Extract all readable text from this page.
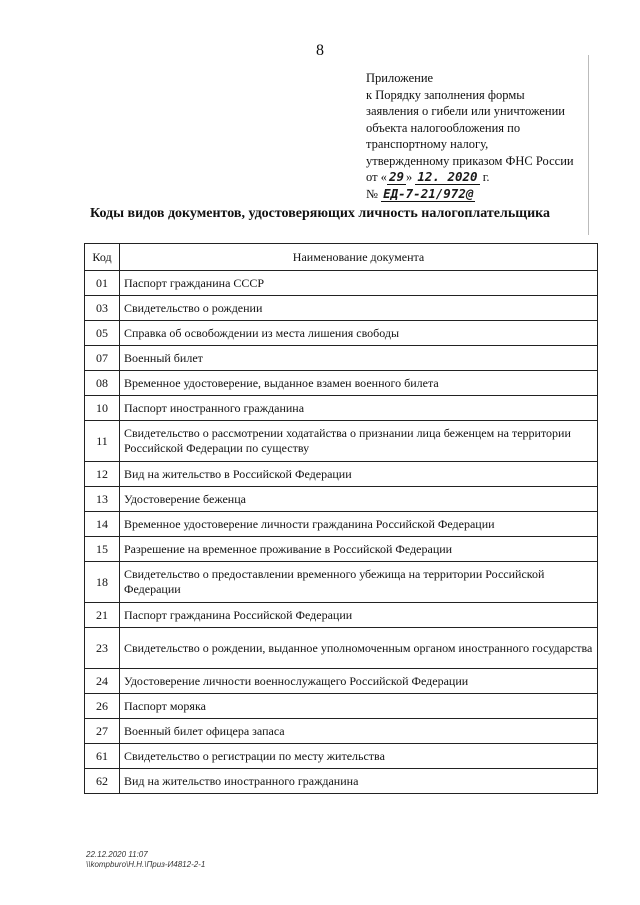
8
Приложение
к Порядку заполнения формы
заявления о гибели или уничтожении
объекта налогообложения по
транспортному налогу,
утвержденному приказом ФНС России
от « 29 » 12. 2020 г.
№ ЕД-7-21/972@
Коды видов документов, удостоверяющих личность налогоплательщика
Код	Наименование документа
01	Паспорт гражданина СССР
03	Свидетельство о рождении
05	Справка об освобождении из места лишения свободы
07	Военный билет
08	Временное удостоверение, выданное взамен военного билета
10	Паспорт иностранного гражданина
11	Свидетельство о рассмотрении ходатайства о признании лица беженцем на территории Российской Федерации по существу
12	Вид на жительство в Российской Федерации
13	Удостоверение беженца
14	Временное удостоверение личности гражданина Российской Федерации
15	Разрешение на временное проживание в Российской Федерации
18	Свидетельство о предоставлении временного убежища на территории Российской Федерации
21	Паспорт гражданина Российской Федерации
23	Свидетельство о рождении, выданное уполномоченным органом иностранного государства
24	Удостоверение личности военнослужащего Российской Федерации
26	Паспорт моряка
27	Военный билет офицера запаса
61	Свидетельство о регистрации по месту жительства
62	Вид на жительство иностранного гражданина
22.12.2020 11:07
\\kompburo\Н.Н.\Приз-И4812-2-1
